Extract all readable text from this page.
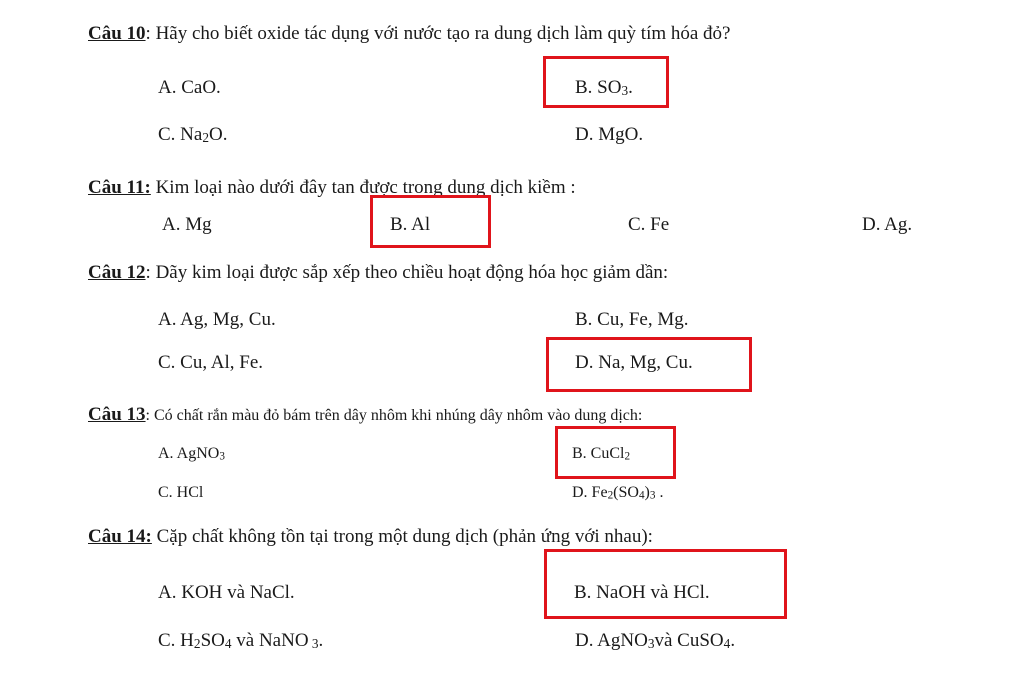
Câu 10: Hãy cho biết oxide tác dụng với nước tạo ra dung dịch làm quỳ tím hóa đỏ?
A. CaO.	B. $SO_3$.
C. $Na_2O$.	D. MgO.
Câu 11: Kim loại nào dưới đây tan được trong dung dịch kiềm :
A. Mg	B. Al	C. Fe	D. Ag.
Câu 12: Dãy kim loại được sắp xếp theo chiều hoạt động hóa học giảm dần:
A. Ag, Mg, Cu.	B. Cu, Fe, Mg.
C. Cu, Al, Fe.	D. Na, Mg, Cu.
Câu 13: Có chất rắn màu đỏ bám trên dây nhôm khi nhúng dây nhôm vào dung dịch:
A. AgNO$_3$	B. CuCl$_2$
C. HCl	D. $Fe_2(SO_4)_3$ .
Câu 14: Cặp chất không tồn tại trong một dung dịch (phản ứng với nhau):
A. KOH và NaCl.	B. NaOH và HCl.
C. $H_2SO_4$ và NaNO $_3$.	D. AgNO$_3$và CuSO$_4$.
